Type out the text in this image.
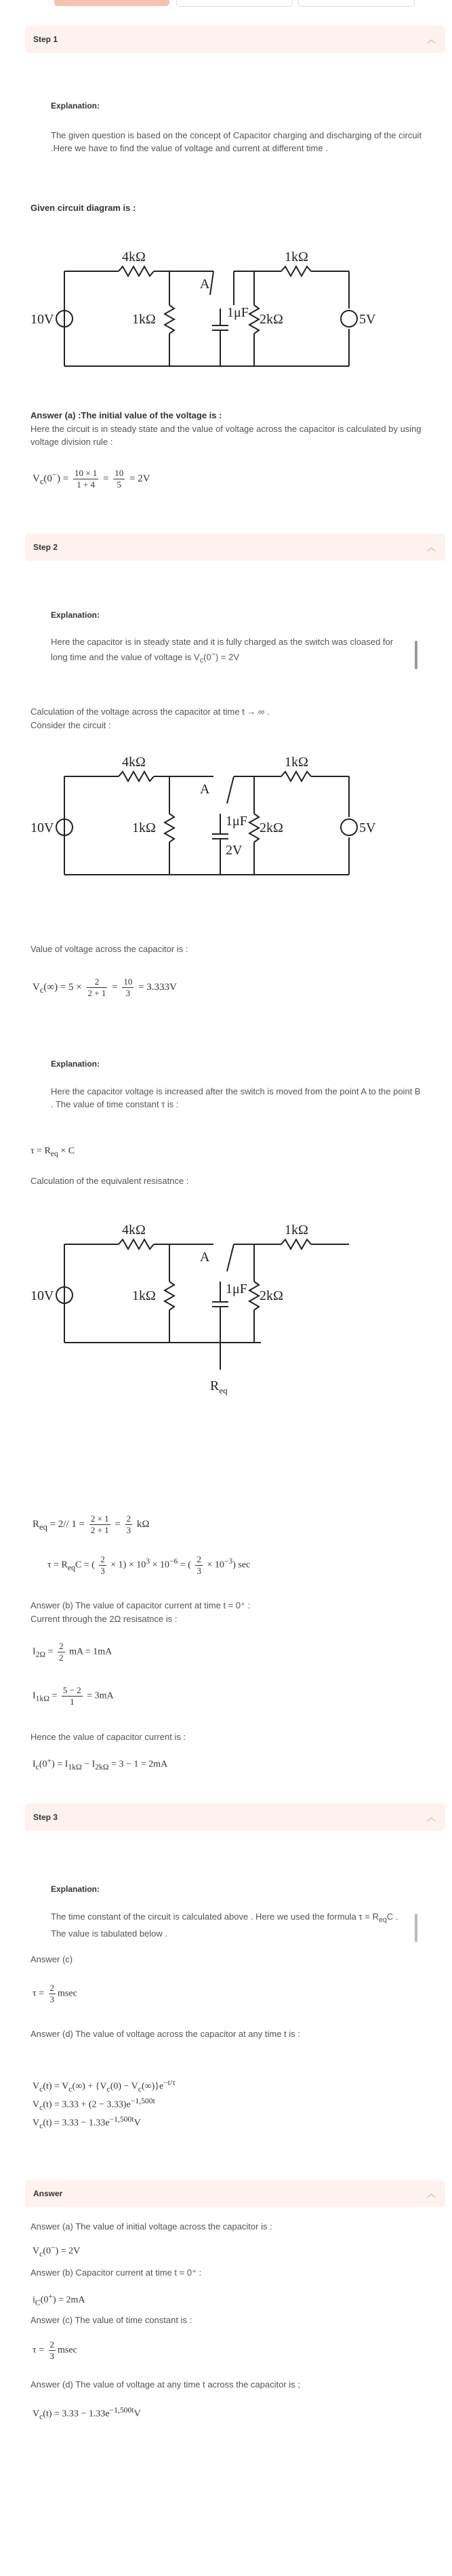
Step 1	︿
Explanation:
The given question is based on the concept of Capacitor charging and discharging of the circuit .Here we have to find the value of voltage and current at different time .
Given circuit diagram is :
10V
4kΩ
1kΩ
A
1μF
1kΩ
2kΩ	5V
Answer (a) :The initial value of the voltage is :
Here the circuit is in steady state and the value of voltage across the capacitor is calculated by using voltage division rule :
$V_c(0^-) = \frac{10 \times 1}{1 + 4} = \frac{10}{5} = 2V$
Step 2	︿
Explanation:
Here the capacitor is in steady state and it is fully charged as the switch was cloased for long time and the value of voltage is $V_c(0^-) = 2V$
Calculation of the voltage across the capacitor at time t → ∞ .
Consider the circuit :
10V
4kΩ
1kΩ
A
1μF
2V
1kΩ
2kΩ	5V
Value of voltage across the capacitor is :
$V_c(\infty) = 5 \times \frac{2}{2 + 1} = \frac{10}{3} = 3.333V$
Explanation:
Here the capacitor voltage is increased after the switch is moved from the point A to the point B . The value of time constant τ is :
$\tau = R_{eq} \times C$
Calculation of the equivalent resisatnce :
10V
4kΩ
1kΩ
A
1μF
1kΩ
2kΩ
$R_{eq}$
$R_{eq} = 2//$ $1 = \frac{2 \times 1}{2 + 1} = \frac{2}{3}$ kΩ
$\tau = R_{eq}C$ = ( $\frac{2}{3} \times 1) \times 10^3 \times 10^{-6}$ = ( $\frac{2}{3} \times 10^{-3}$) sec
Answer (b) The value of capacitor current at time t = 0⁺ :
Current through the 2Ω resisatnce is :
$I_{2\Omega} = \frac{2}{2}$ mA = 1mA
$I_{1k\Omega} = \frac{5 - 2}{1} = 3mA$
Hence the value of capacitor current is :
$I_c(0^+) = I_{1k\Omega} - I_{2k\Omega} = 3 - 1 = 2mA$
Step 3	︿
Explanation:
The time constant of the circuit is calculated above . Here we used the formula $\tau = R_{eq}C$ . The value is tabulated below .
Answer (c)
$\tau = \frac{2}{3}$ msec
Answer (d) The value of voltage across the capacitor at any time t is :
$V_c(t) = V_c(\infty) + \{V_c(0) - V_c(\infty)\}e^{-t/\tau}$
$V_c(t) = 3.33 + (2 - 3.33)e^{-1,500t}$
$V_c(t) = 3.33 - 1.33e^{-1,500t}V$
Answer	︿
Answer (a) The value of initial voltage across the capacitor is :
$V_c(0^-) = 2V$
Answer (b) Capacitor current at time t = 0⁺ :
$i_C(0^+) = 2mA$
Answer (c) The value of time constant is :
$\tau = \frac{2}{3}$ msec
Answer (d) The value of voltage at any time t across the capacitor is ;
$V_c(t) = 3.33 - 1.33e^{-1,500t}V$
